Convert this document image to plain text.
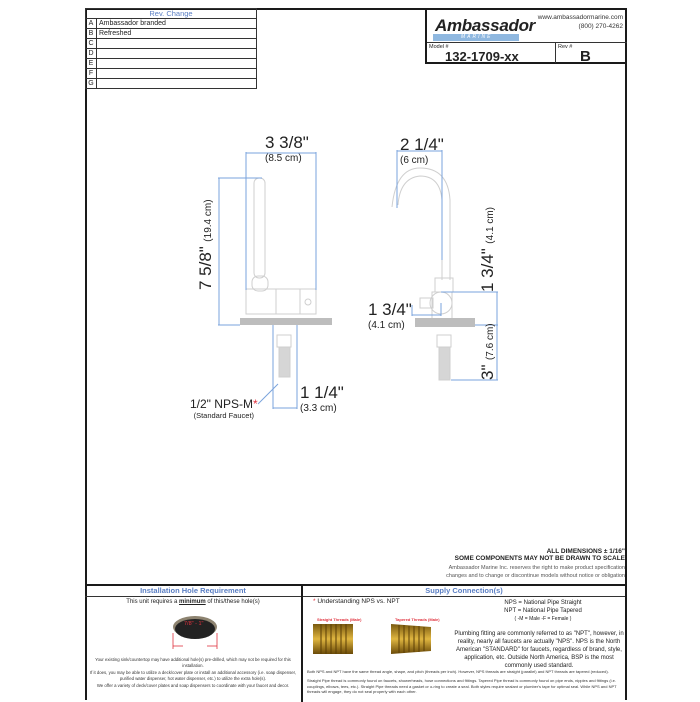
Rev. Change	
A	Ambassador branded
B	Refreshed
C	
D	
E	
F	
G	
Ambassador
MARINE
www.ambassadormarine.com
(800) 270-4262
Model #
132-1709-xx
Rev #
B
3 3/8"
(8.5 cm)
7 5/8" (19.4 cm)
1 1/4"
(3.3 cm)
1/2" NPS-M*
(Standard Faucet)
2 1/4"
(6 cm)
1 3/4"
(4.1 cm)
1 3/4" (4.1 cm)
3" (7.6 cm)
ALL DIMENSIONS ± 1/16"
SOME COMPONENTS MAY NOT BE DRAWN TO SCALE
Ambassador Marine Inc. reserves the right to make product specification
changes and to change or discontinue models without notice or obligation
Installation Hole Requirement
This unit requires a minimum of this/these hole(s)
7/8" - 1"
Your existing sink/countertop may have additional hole(s) pre-drilled, which may not be required for this installation.
If it does, you may be able to utilize a deck/cover plate or install an additional accessory (i.e. soap dispenser, purified water dispenser, hot water dispenser, etc.) to utilize the extra hole(s).
We offer a variety of deck/cover plates and soap dispensers to coordinate with your faucet and decor.
Supply Connection(s)
* Understanding NPS vs. NPT
Straight Threads (Male)	Tapered Threads (Male)
NPS = National Pipe Straight
NPT = National Pipe Tapered
( -M = Male -F = Female )
Plumbing fitting are commonly referred to as "NPT", however, in reality, nearly all faucets are actually "NPS". NPS is the North American "STANDARD" for faucets, regardless of brand, style, application, etc. Outside North America, BSP is the most commonly used standard.
Both NPS and NPT have the same thread angle, shape, and pitch (threads per inch). However, NPS threads are straight (parallel) and NPT threads are tapered (reduced).
Straight Pipe thread is commonly found on faucets, showerheads, hose connections and fittings. Tapered Pipe thread is commonly found on pipe ends, nipples and fittings (i.e. couplings, elbows, tees, etc.). Straight Pipe threads need a gasket or o-ring to create a seal. Both styles require sealant or plumber's tape for optimal seal. While NPS and NPT threads will engage, they do not seal properly with each other.
